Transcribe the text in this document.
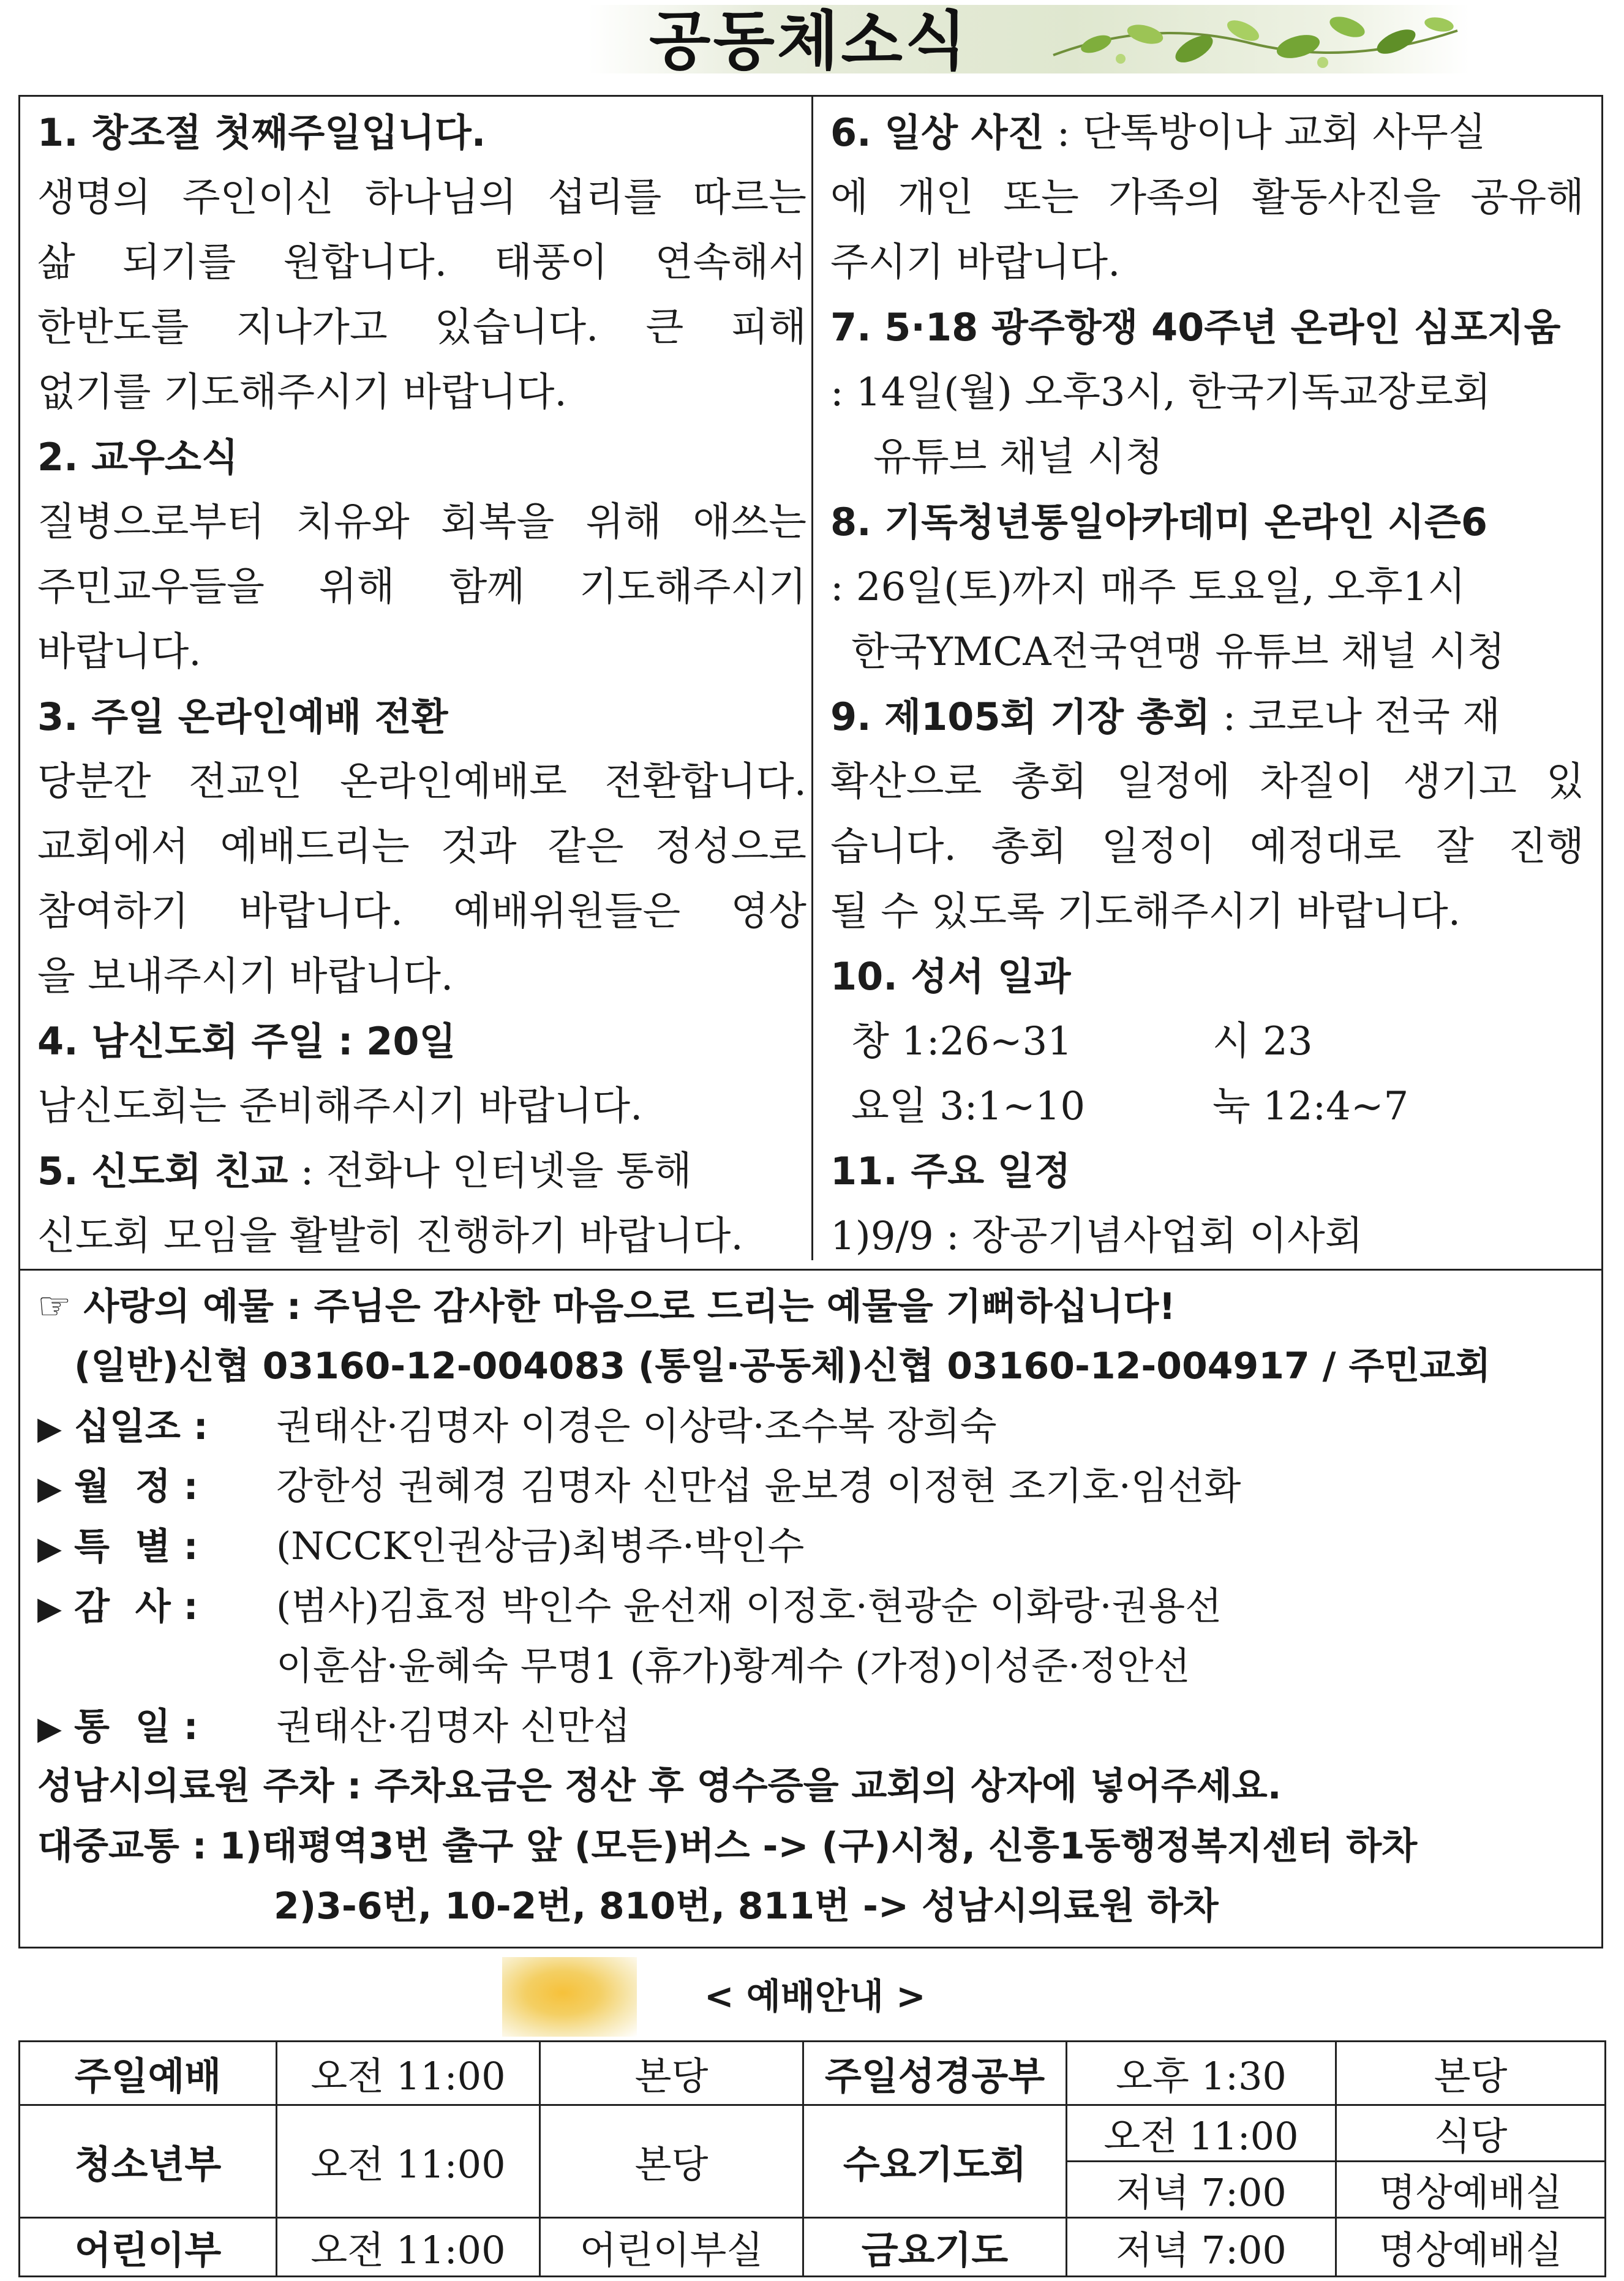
공동체소식
1. 창조절 첫째주일입니다.
생명의 주인이신 하나님의 섭리를 따르는
삶 되기를 원합니다. 태풍이 연속해서
한반도를 지나가고 있습니다. 큰 피해
없기를 기도해주시기 바랍니다.
2. 교우소식
질병으로부터 치유와 회복을 위해 애쓰는
주민교우들을 위해 함께 기도해주시기
바랍니다.
3. 주일 온라인예배 전환
당분간 전교인 온라인예배로 전환합니다.
교회에서 예배드리는 것과 같은 정성으로
참여하기 바랍니다. 예배위원들은 영상
을 보내주시기 바랍니다.
4. 남신도회 주일 : 20일
남신도회는 준비해주시기 바랍니다.
5. 신도회 친교 : 전화나 인터넷을 통해
신도회 모임을 활발히 진행하기 바랍니다.
6. 일상 사진 : 단톡방이나 교회 사무실
에 개인 또는 가족의 활동사진을 공유해
주시기 바랍니다.
7. 5·18 광주항쟁 40주년 온라인 심포지움
: 14일(월) 오후3시, 한국기독교장로회
유튜브 채널 시청
8. 기독청년통일아카데미 온라인 시즌6
: 26일(토)까지 매주 토요일, 오후1시
한국YMCA전국연맹 유튜브 채널 시청
9. 제105회 기장 총회 : 코로나 전국 재
확산으로 총회 일정에 차질이 생기고 있
습니다. 총회 일정이 예정대로 잘 진행
될 수 있도록 기도해주시기 바랍니다.
10. 성서 일과
창 1:26~31	시 23
요일 3:1~10	눅 12:4~7
11. 주요 일정
1)9/9 : 장공기념사업회 이사회
☞ 사랑의 예물 : 주님은 감사한 마음으로 드리는 예물을 기뻐하십니다!
(일반)신협 03160-12-004083 (통일·공동체)신협 03160-12-004917 / 주민교회
▶ 십일조 : 권태산·김명자 이경은 이상락·조수복 장희숙
▶ 월  정 : 강한성 권혜경 김명자 신만섭 윤보경 이정현 조기호·임선화
▶ 특  별 : (NCCK인권상금)최병주·박인수
▶ 감  사 : (범사)김효정 박인수 윤선재 이정호·현광순 이화랑·권용선
이훈삼·윤혜숙 무명1 (휴가)황계수 (가정)이성준·정안선
▶ 통  일 : 권태산·김명자 신만섭
성남시의료원 주차 : 주차요금은 정산 후 영수증을 교회의 상자에 넣어주세요.
대중교통 : 1)태평역3번 출구 앞 (모든)버스 -> (구)시청, 신흥1동행정복지센터 하차
2)3-6번, 10-2번, 810번, 811번 -> 성남시의료원 하차
< 예배안내 >
주일예배	오전 11:00	본당	주일성경공부	오후 1:30	본당
청소년부	오전 11:00	본당	수요기도회	오전 11:00	식당
				저녁 7:00	명상예배실
어린이부	오전 11:00	어린이부실	금요기도	저녁 7:00	명상예배실
